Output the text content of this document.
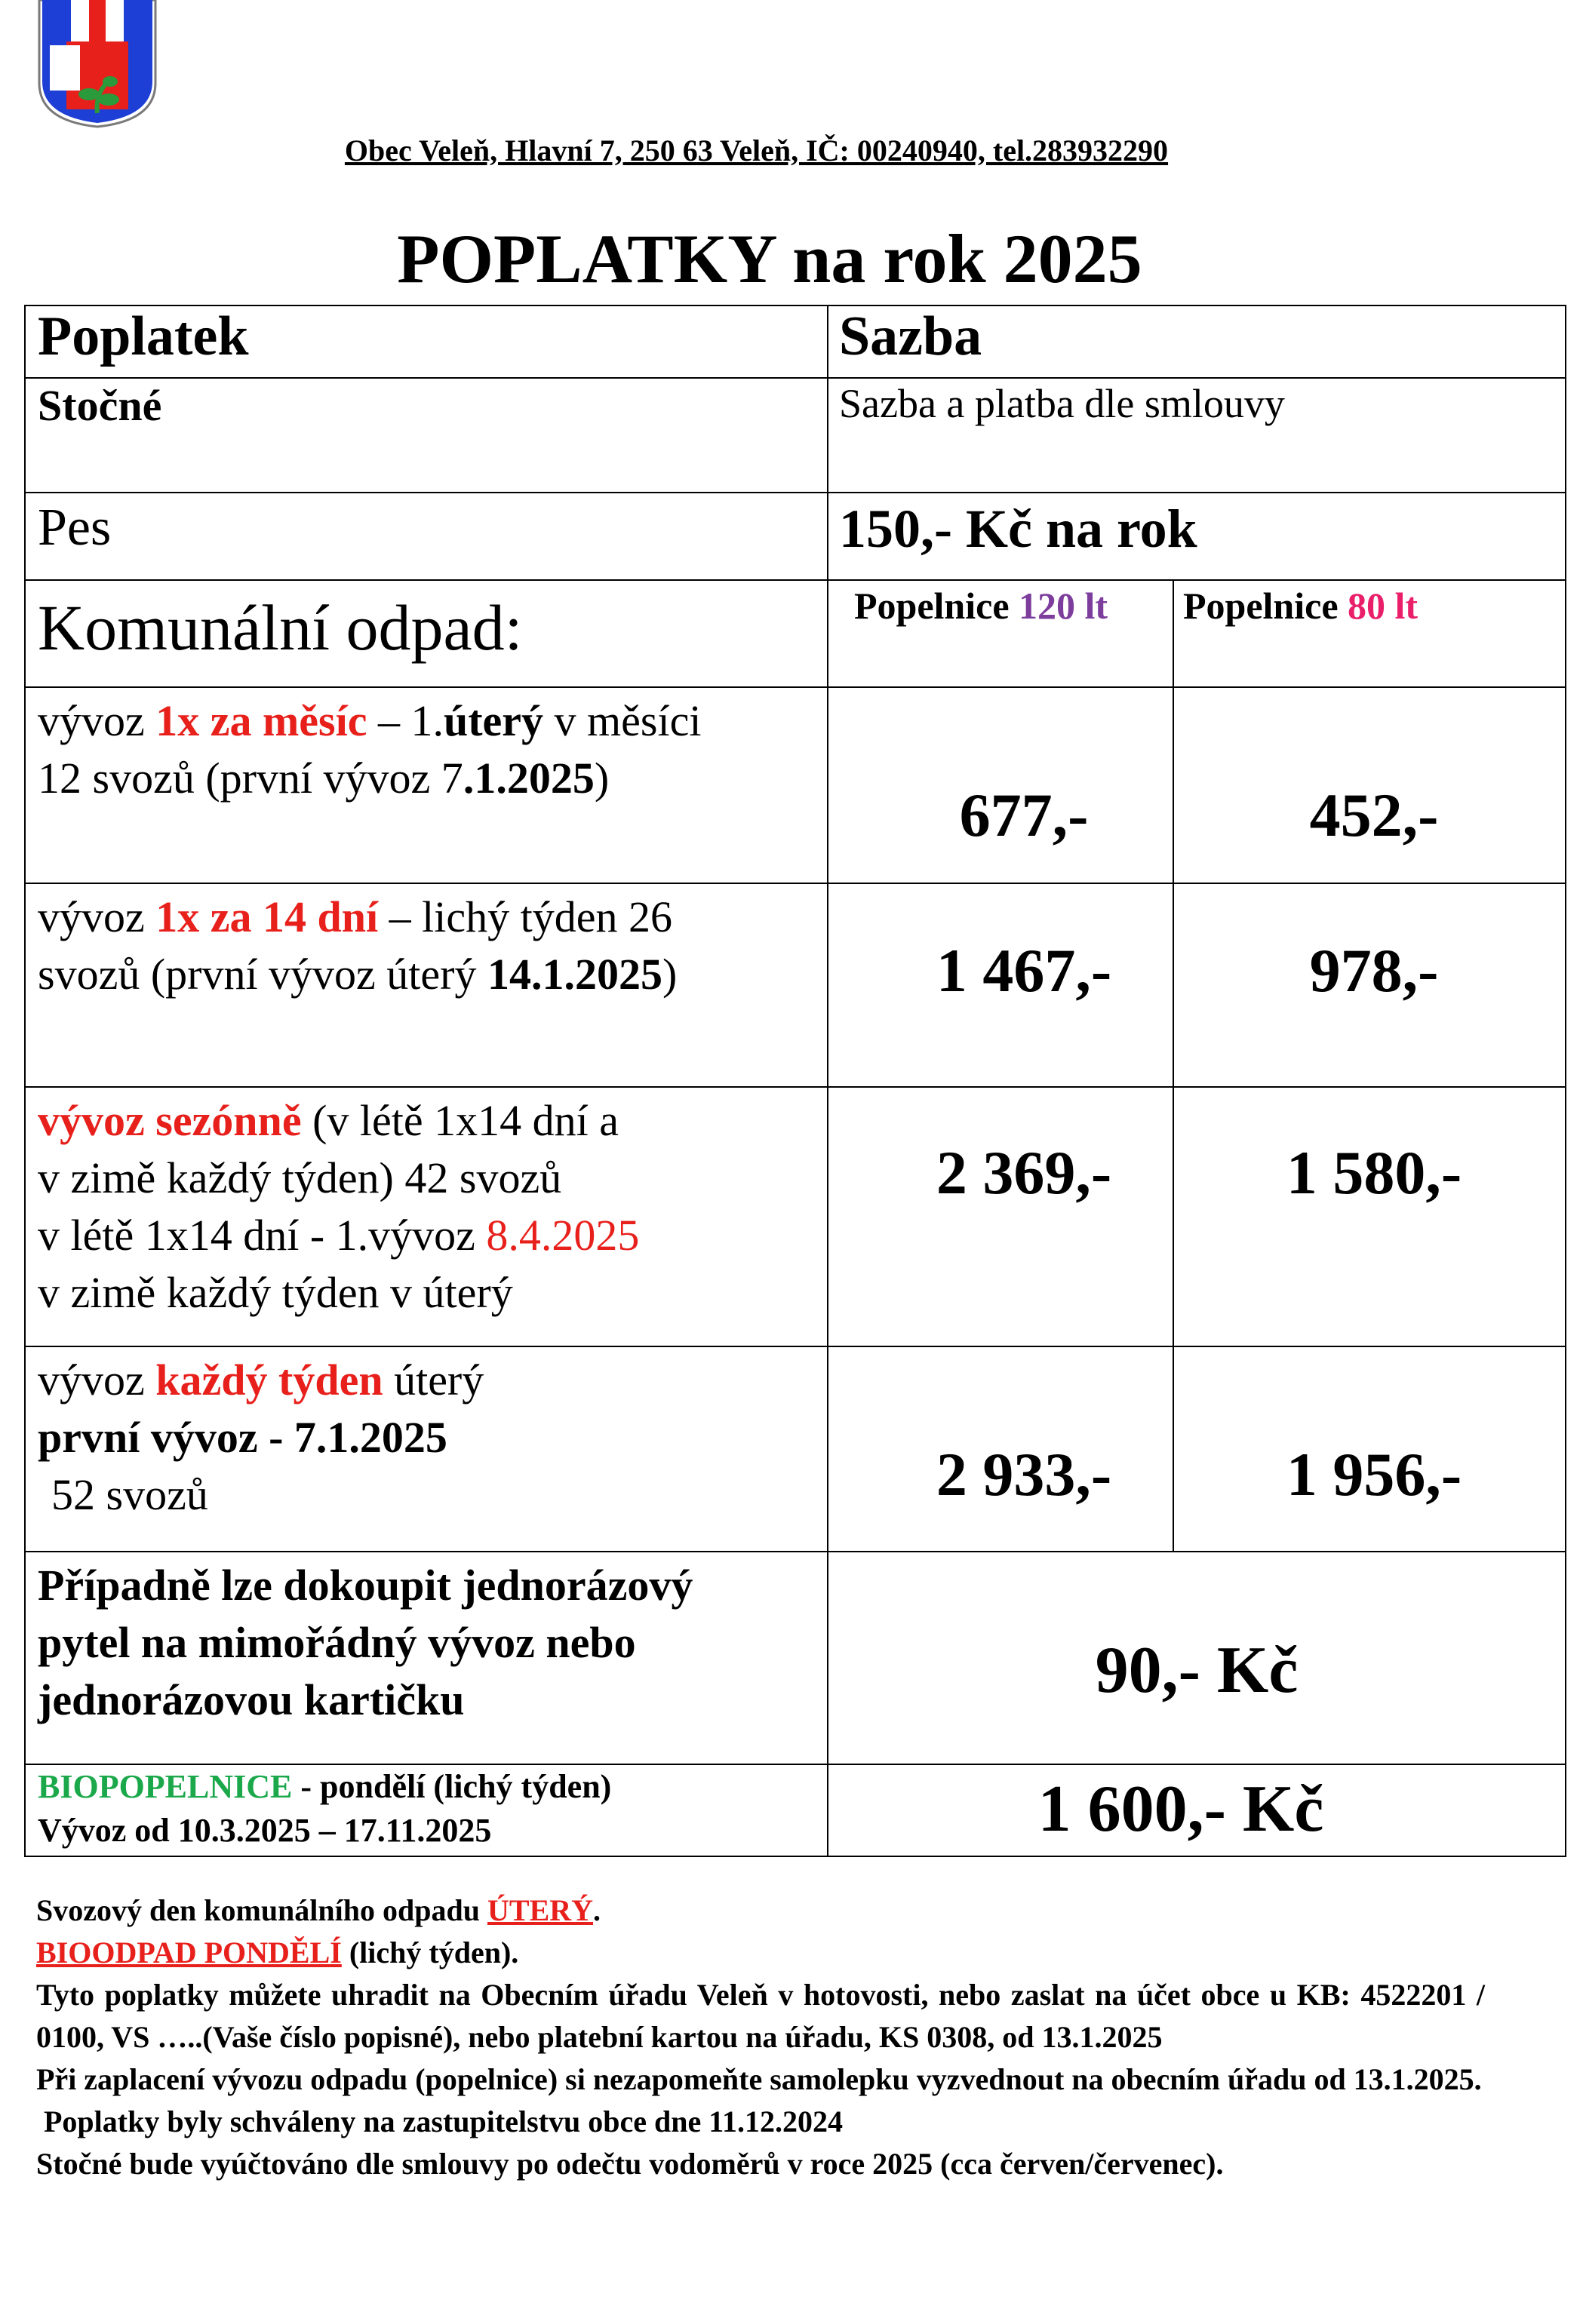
Obec Veleň, Hlavní 7, 250 63 Veleň, IČ: 00240940, tel.283932290
POPLATKY na rok 2025
Poplatek	Sazba
Stočné	Sazba a platba dle smlouvy
Pes	150,- Kč na rok
Komunální odpad:	Popelnice 120 lt Popelnice 80 lt
vývoz 1x za měsíc – 1.úterý v měsíci
12 svozů (první vývoz 7.1.2025)
677,-	452,-
vývoz 1x za 14 dní – lichý týden 26
svozů (první vývoz úterý 14.1.2025)	1 467,-	978,-
vývoz sezónně (v létě 1x14 dní a
v zimě každý týden) 42 svozů
v létě 1x14 dní - 1.vývoz 8.4.2025
v zimě každý týden v úterý
2 369,-	1 580,-
vývoz každý týden úterý
první vývoz - 7.1.2025
52 svozů	2 933,-	1 956,-
Případně lze dokoupit jednorázový
pytel na mimořádný vývoz nebo
jednorázovou kartičku	90,- Kč
BIOPOPELNICE - pondělí (lichý týden)
Vývoz od 10.3.2025 – 17.11.2025	1 600,- Kč

Svozový den komunálního odpadu ÚTERÝ.

BIOODPAD PONDĚLÍ (lichý týden).

Tyto poplatky můžete uhradit na Obecním úřadu Veleň v hotovosti, nebo zaslat na účet obce u KB: 4522201 / 0100, VS …..(Vaše číslo popisné), nebo platební kartou na úřadu, KS 0308, od 13.1.2025

Při zaplacení vývozu odpadu (popelnice) si nezapomeňte samolepku vyzvednout na obecním úřadu od 13.1.2025.

Poplatky byly schváleny na zastupitelstvu obce dne 11.12.2024

Stočné bude vyúčtováno dle smlouvy po odečtu vodoměrů v roce 2025 (cca červen/červenec).
